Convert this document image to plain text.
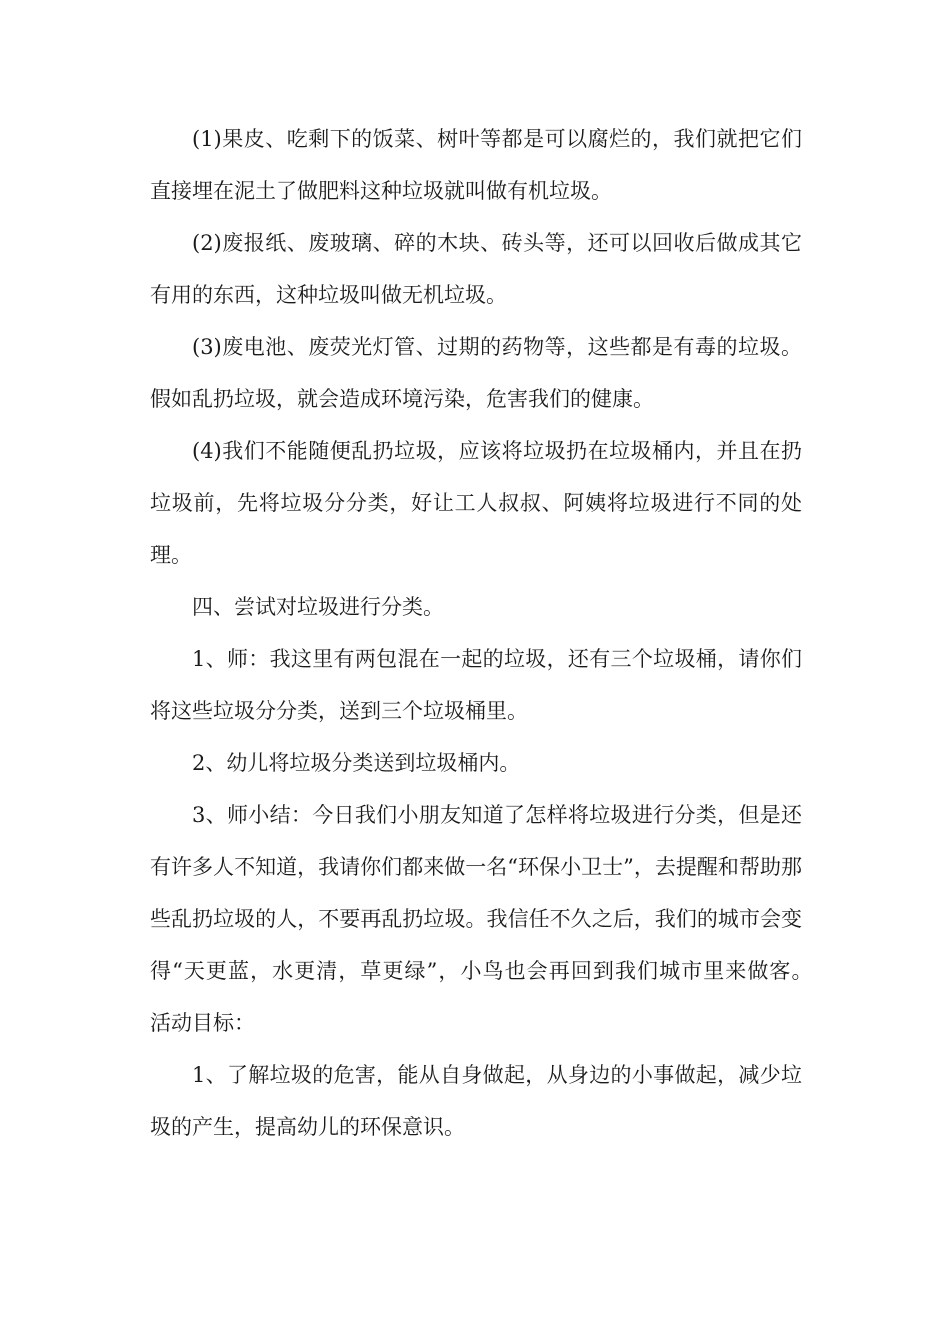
(1)果皮、吃剩下的饭菜、树叶等都是可以腐烂的，我们就把它们直接埋在泥土了做肥料这种垃圾就叫做有机垃圾。

(2)废报纸、废玻璃、碎的木块、砖头等，还可以回收后做成其它有用的东西，这种垃圾叫做无机垃圾。

(3)废电池、废荧光灯管、过期的药物等，这些都是有毒的垃圾。假如乱扔垃圾，就会造成环境污染，危害我们的健康。

(4)我们不能随便乱扔垃圾，应该将垃圾扔在垃圾桶内，并且在扔垃圾前，先将垃圾分分类，好让工人叔叔、阿姨将垃圾进行不同的处理。

四、尝试对垃圾进行分类。

1、师：我这里有两包混在一起的垃圾，还有三个垃圾桶，请你们将这些垃圾分分类，送到三个垃圾桶里。

2、幼儿将垃圾分类送到垃圾桶内。

3、师小结：今日我们小朋友知道了怎样将垃圾进行分类，但是还有许多人不知道，我请你们都来做一名“环保小卫士”，去提醒和帮助那些乱扔垃圾的人，不要再乱扔垃圾。我信任不久之后，我们的城市会变得“天更蓝，水更清，草更绿”，小鸟也会再回到我们城市里来做客。　活动目标：

1、了解垃圾的危害，能从自身做起，从身边的小事做起，减少垃圾的产生，提高幼儿的环保意识。
